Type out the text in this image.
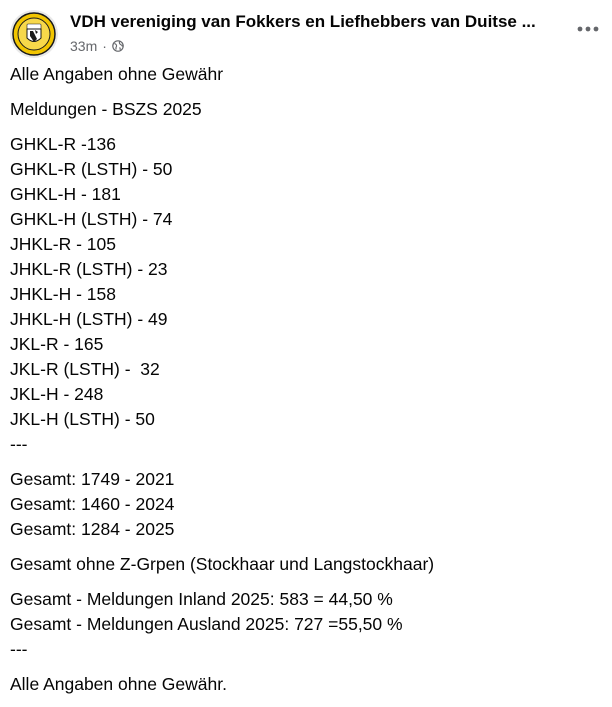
VDH vereniging van Fokkers en Liefhebbers van Duitse ...
33m ·

Alle Angaben ohne Gewähr

Meldungen - BSZS 2025

GHKL-R -136

GHKL-R (LSTH) - 50

GHKL-H - 181

GHKL-H (LSTH) - 74

JHKL-R - 105

JHKL-R (LSTH) - 23

JHKL-H - 158

JHKL-H (LSTH) - 49

JKL-R - 165

JKL-R (LSTH) -  32

JKL-H - 248

JKL-H (LSTH) - 50

---

Gesamt: 1749 - 2021

Gesamt: 1460 - 2024

Gesamt: 1284 - 2025

Gesamt ohne Z-Grpen (Stockhaar und Langstockhaar)

Gesamt - Meldungen Inland 2025: 583 = 44,50 %

Gesamt - Meldungen Ausland 2025: 727 =55,50 %

---

Alle Angaben ohne Gewähr.
